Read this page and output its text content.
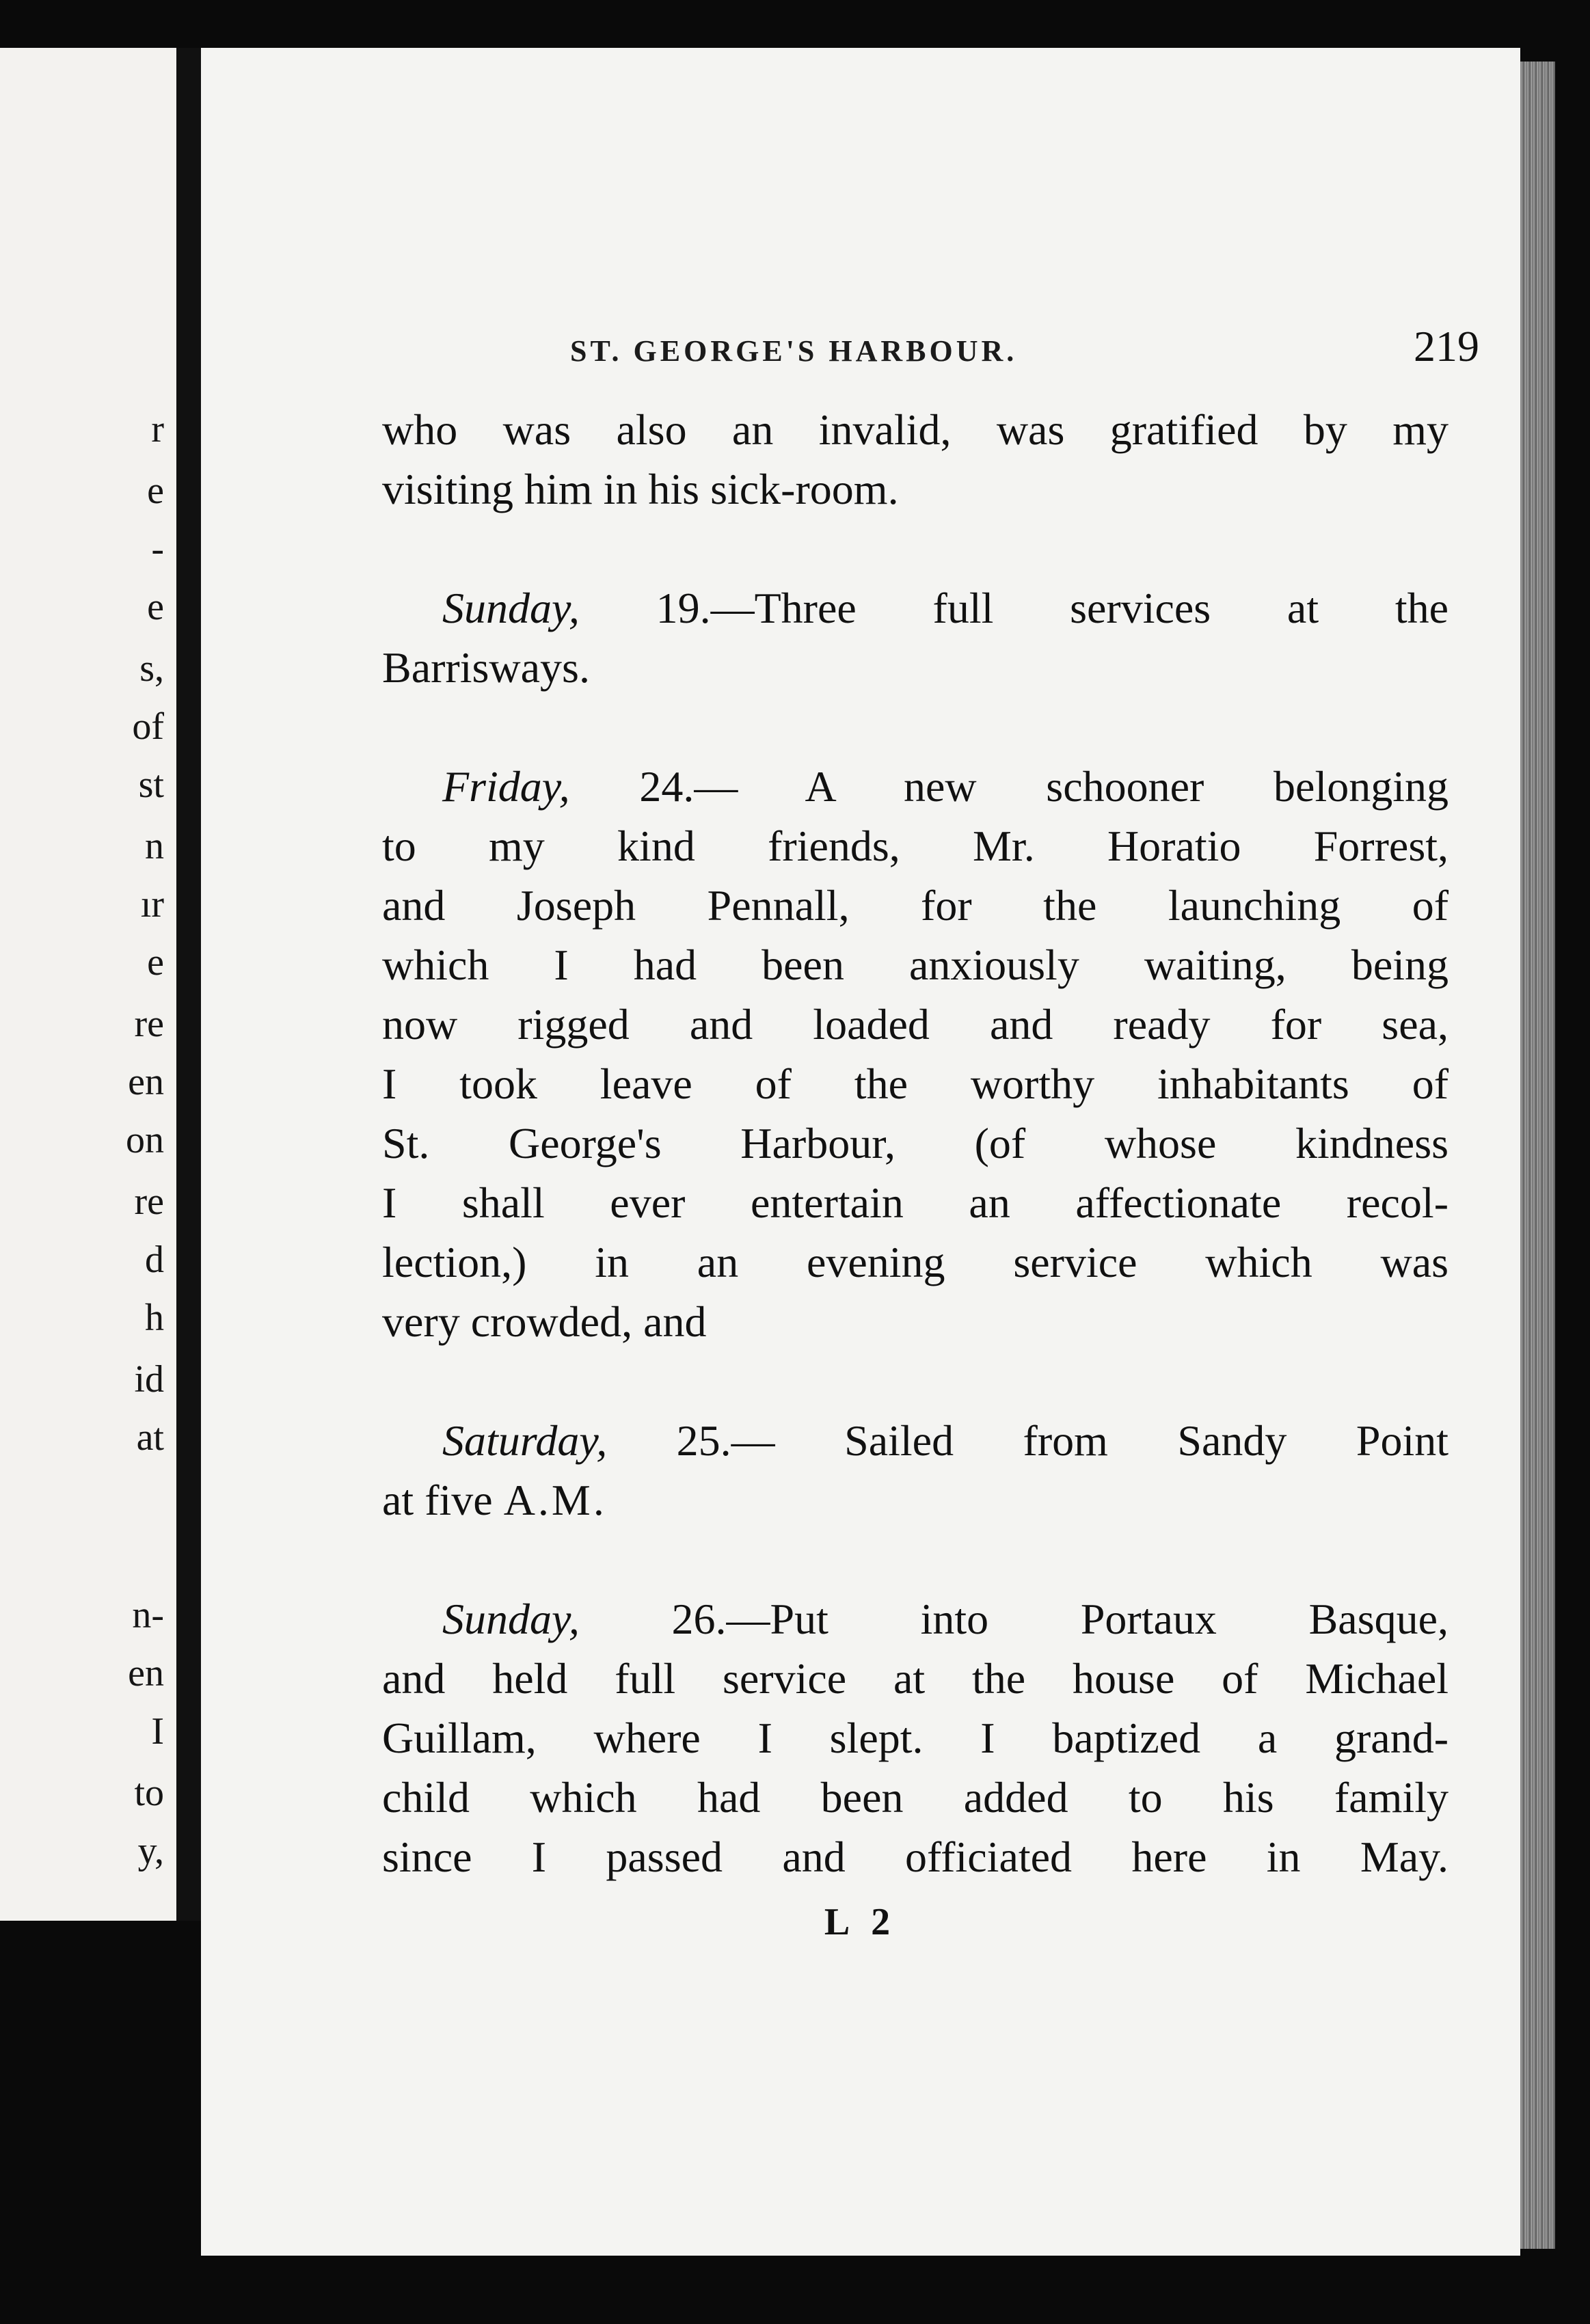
r
e
-
e
s,
of
st
n
ır
e
re
en
on
re
d
h
id
at
n-
en
I
to
y,
ST. GEORGE'S HARBOUR.	219
who was also an invalid, was gratified by my
visiting him in his sick-room.
Sunday, 19.—Three full services at the
Barrisways.
Friday, 24.— A new schooner belonging
to my kind friends, Mr. Horatio Forrest,
and Joseph Pennall, for the launching of
which I had been anxiously waiting, being
now rigged and loaded and ready for sea,
I took leave of the worthy inhabitants of
St. George's Harbour, (of whose kindness
I shall ever entertain an affectionate recol-
lection,) in an evening service which was
very crowded, and
Saturday, 25.— Sailed from Sandy Point
at five A.M.
Sunday, 26.—Put into Portaux Basque,
and held full service at the house of Michael
Guillam, where I slept. I baptized a grand-
child which had been added to his family
since I passed and officiated here in May.
L 2
